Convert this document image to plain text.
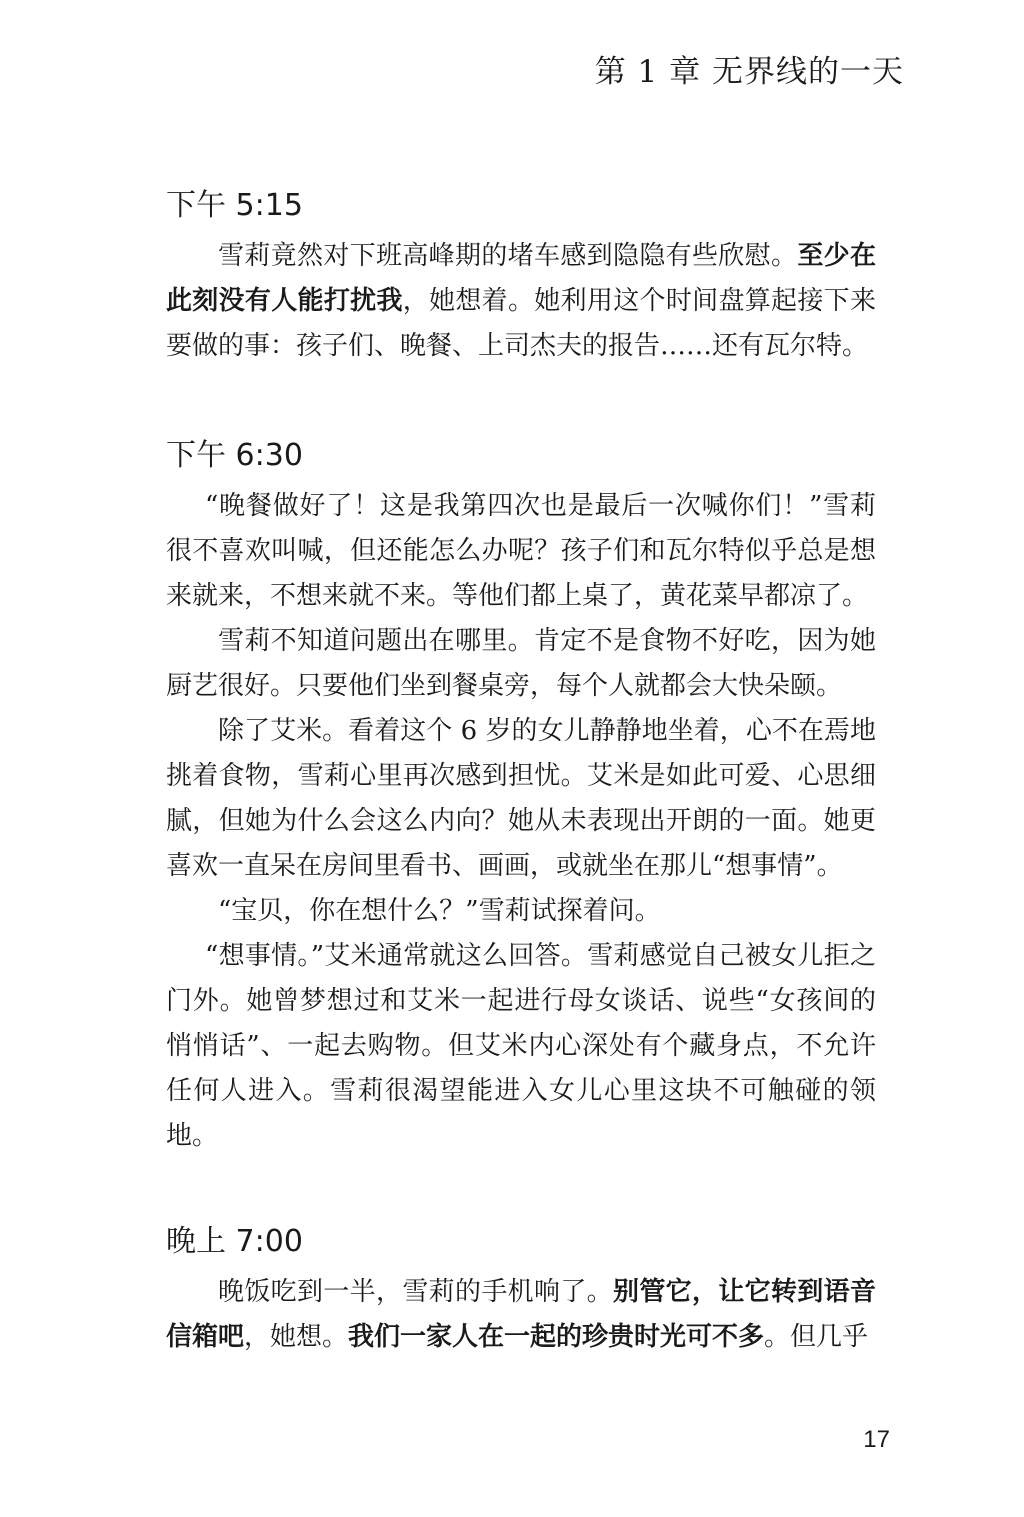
第 1 章 无界线的一天
下午 5:15

雪莉竟然对下班高峰期的堵车感到隐隐有些欣慰。至少在此刻没有人能打扰我，她想着。她利用这个时间盘算起接下来要做的事：孩子们、晚餐、上司杰夫的报告……还有瓦尔特。

下午 6:30

“晚餐做好了！这是我第四次也是最后一次喊你们！”雪莉很不喜欢叫喊，但还能怎么办呢？孩子们和瓦尔特似乎总是想来就来，不想来就不来。等他们都上桌了，黄花菜早都凉了。

雪莉不知道问题出在哪里。肯定不是食物不好吃，因为她厨艺很好。只要他们坐到餐桌旁，每个人就都会大快朵颐。

除了艾米。看着这个 6 岁的女儿静静地坐着，心不在焉地挑着食物，雪莉心里再次感到担忧。艾米是如此可爱、心思细腻，但她为什么会这么内向？她从未表现出开朗的一面。她更喜欢一直呆在房间里看书、画画，或就坐在那儿“想事情”。

“宝贝，你在想什么？”雪莉试探着问。

“想事情。”艾米通常就这么回答。雪莉感觉自己被女儿拒之门外。她曾梦想过和艾米一起进行母女谈话、说些“女孩间的悄悄话”、一起去购物。但艾米内心深处有个藏身点，不允许任何人进入。雪莉很渴望能进入女儿心里这块不可触碰的领地。

晚上 7:00

晚饭吃到一半，雪莉的手机响了。别管它，让它转到语音信箱吧，她想。我们一家人在一起的珍贵时光可不多。但几乎

17
